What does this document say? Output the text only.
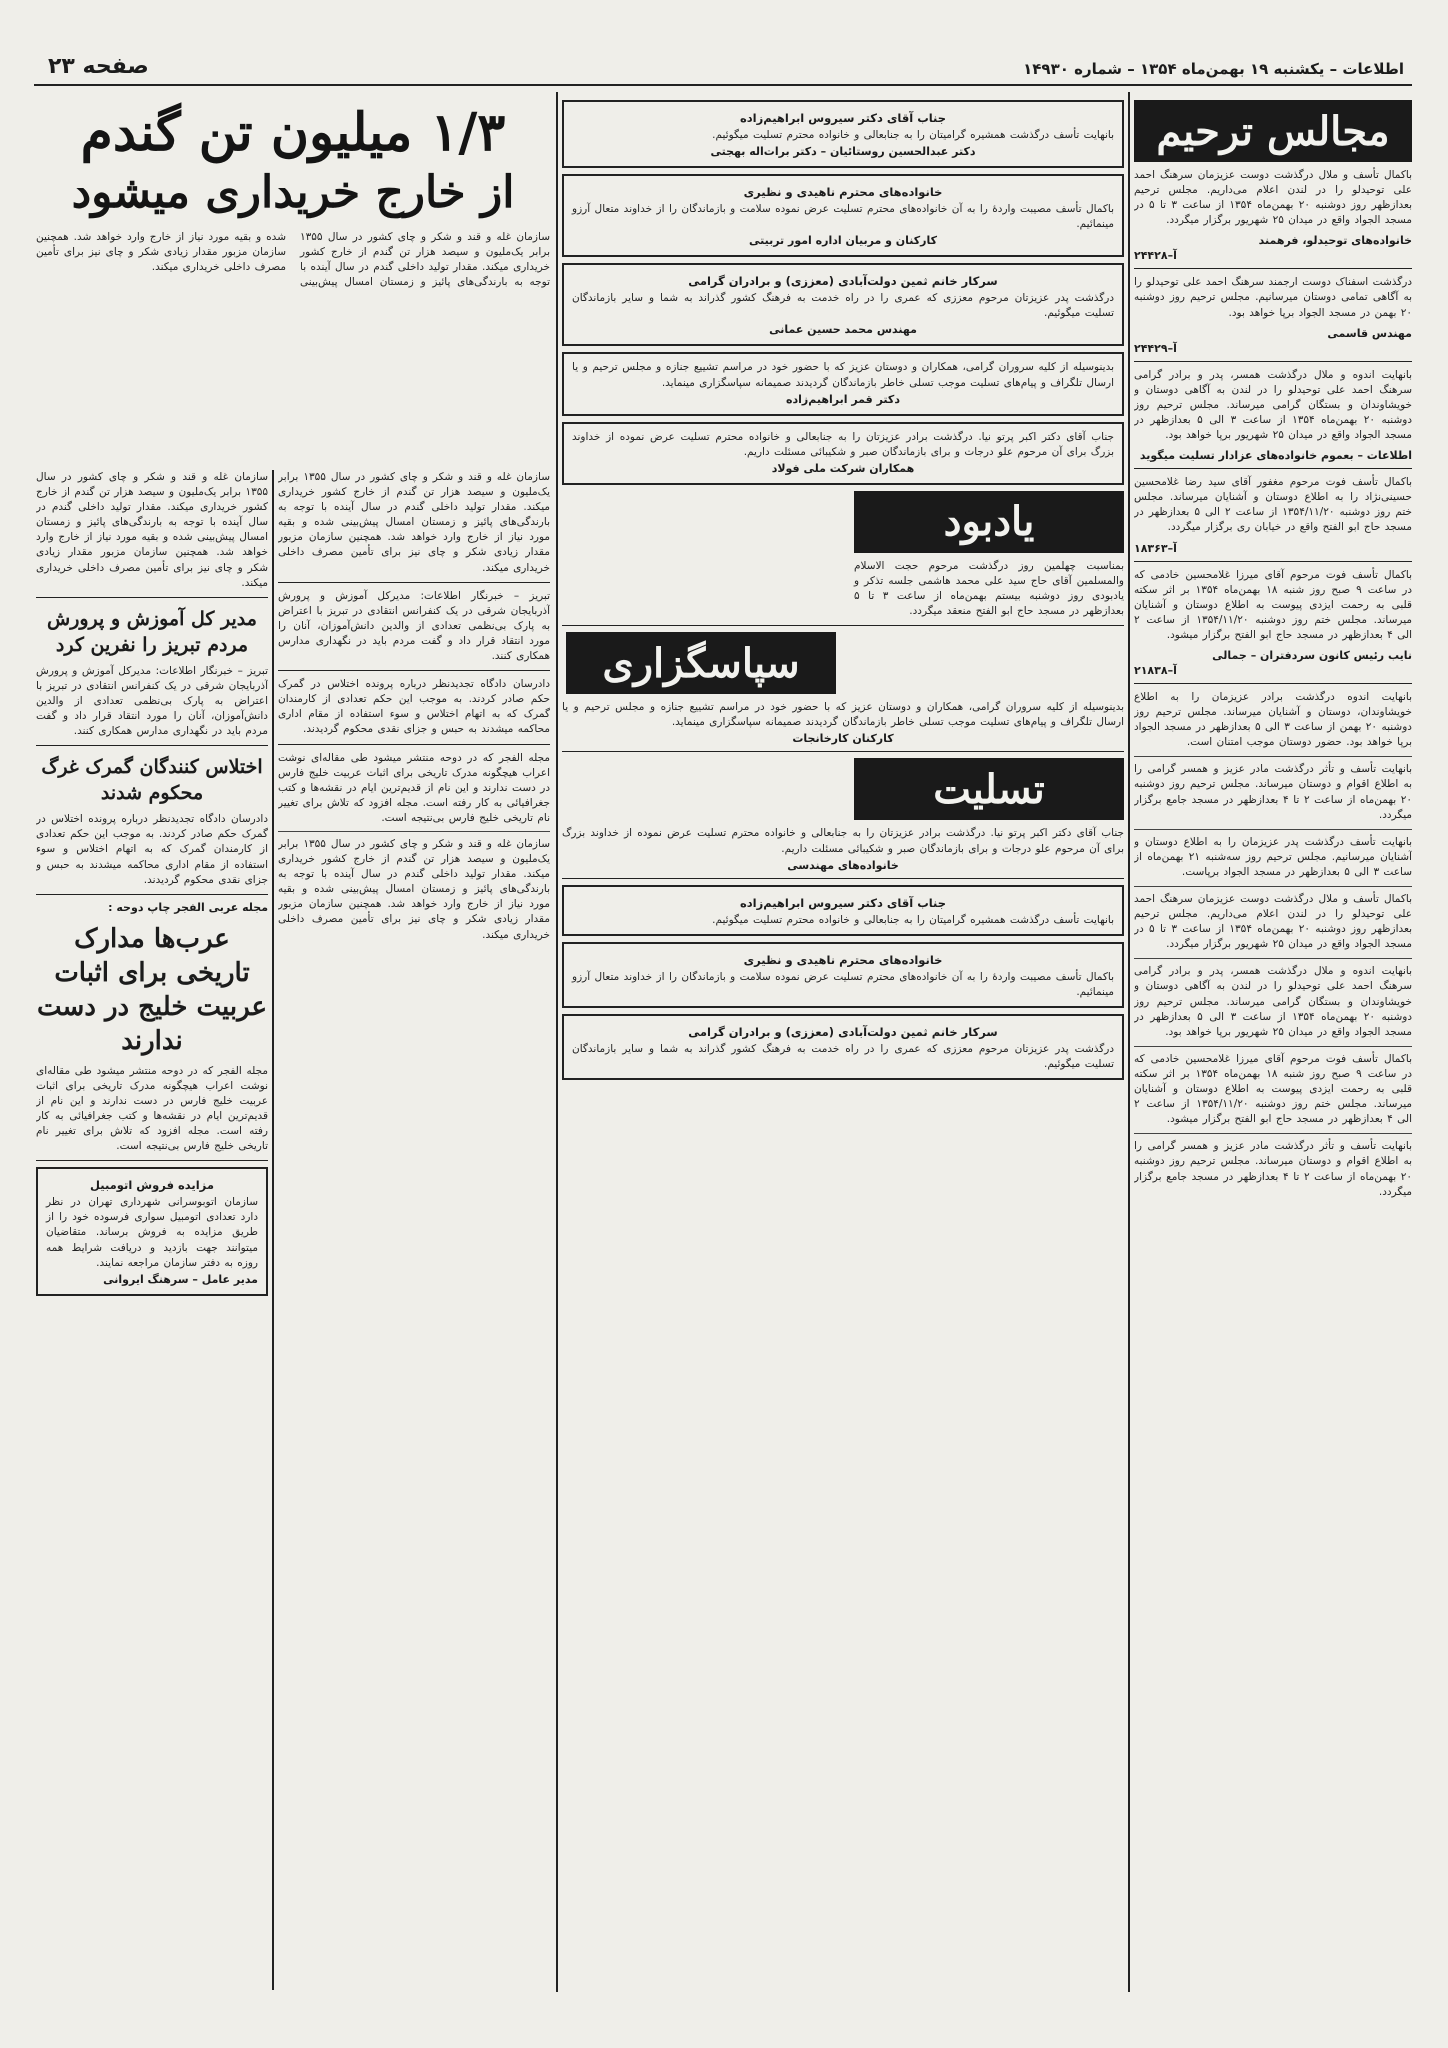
اطلاعات – یکشنبه ۱۹ بهمن‌ماه ۱۳۵۴ – شماره ۱۴۹۳۰
صفحه ۲۳
مجالس ترحیم
باکمال تأسف و ملال درگذشت دوست عزیزمان سرهنگ احمد علی توحیدلو را در لندن اعلام می‌داریم. مجلس ترحیم بعدازظهر روز دوشنبه ۲۰ بهمن‌ماه ۱۳۵۴ از ساعت ۳ تا ۵ در مسجد الجواد واقع در میدان ۲۵ شهریور برگزار میگردد.
خانواده‌های توحیدلو، فرهمند
آ–۲۴۴۲۸
درگذشت اسفناک دوست ارجمند سرهنگ احمد علی توحیدلو را به آگاهی تمامی دوستان میرسانیم. مجلس ترحیم روز دوشنبه ۲۰ بهمن در مسجد الجواد برپا خواهد بود.
مهندس قاسمی
آ–۲۴۴۲۹
بانهایت اندوه و ملال درگذشت همسر، پدر و برادر گرامی سرهنگ احمد علی توحیدلو را در لندن به آگاهی دوستان و خویشاوندان و بستگان گرامی میرساند. مجلس ترحیم روز دوشنبه ۲۰ بهمن‌ماه ۱۳۵۴ از ساعت ۳ الی ۵ بعدازظهر در مسجد الجواد واقع در میدان ۲۵ شهریور برپا خواهد بود.
اطلاعات – بعموم خانواده‌های عزادار تسلیت میگوید
باکمال تأسف فوت مرحوم مغفور آقای سید رضا غلامحسین حسینی‌نژاد را به اطلاع دوستان و آشنایان میرساند. مجلس ختم روز دوشنبه ۱۳۵۴/۱۱/۲۰ از ساعت ۲ الی ۵ بعدازظهر در مسجد حاج ابو الفتح واقع در خیابان ری برگزار میگردد.
آ–۱۸۳۶۳
باکمال تأسف فوت مرحوم آقای میرزا غلامحسین خادمی که در ساعت ۹ صبح روز شنبه ۱۸ بهمن‌ماه ۱۳۵۴ بر اثر سکته قلبی به رحمت ایزدی پیوست به اطلاع دوستان و آشنایان میرساند. مجلس ختم روز دوشنبه ۱۳۵۴/۱۱/۲۰ از ساعت ۲ الی ۴ بعدازظهر در مسجد حاج ابو الفتح برگزار میشود.
نایب رئیس کانون سردفتران – جمالی
آ–۲۱۸۳۸
بانهایت اندوه درگذشت برادر عزیزمان را به اطلاع خویشاوندان، دوستان و آشنایان میرساند. مجلس ترحیم روز دوشنبه ۲۰ بهمن از ساعت ۳ الی ۵ بعدازظهر در مسجد الجواد برپا خواهد بود. حضور دوستان موجب امتنان است.
بانهایت تأسف و تأثر درگذشت مادر عزیز و همسر گرامی را به اطلاع اقوام و دوستان میرساند. مجلس ترحیم روز دوشنبه ۲۰ بهمن‌ماه از ساعت ۲ تا ۴ بعدازظهر در مسجد جامع برگزار میگردد.
بانهایت تأسف درگذشت پدر عزیزمان را به اطلاع دوستان و آشنایان میرسانیم. مجلس ترحیم روز سه‌شنبه ۲۱ بهمن‌ماه از ساعت ۳ الی ۵ بعدازظهر در مسجد الجواد برپاست.
باکمال تأسف و ملال درگذشت دوست عزیزمان سرهنگ احمد علی توحیدلو را در لندن اعلام می‌داریم. مجلس ترحیم بعدازظهر روز دوشنبه ۲۰ بهمن‌ماه ۱۳۵۴ از ساعت ۳ تا ۵ در مسجد الجواد واقع در میدان ۲۵ شهریور برگزار میگردد.
بانهایت اندوه و ملال درگذشت همسر، پدر و برادر گرامی سرهنگ احمد علی توحیدلو را در لندن به آگاهی دوستان و خویشاوندان و بستگان گرامی میرساند. مجلس ترحیم روز دوشنبه ۲۰ بهمن‌ماه ۱۳۵۴ از ساعت ۳ الی ۵ بعدازظهر در مسجد الجواد واقع در میدان ۲۵ شهریور برپا خواهد بود.
باکمال تأسف فوت مرحوم آقای میرزا غلامحسین خادمی که در ساعت ۹ صبح روز شنبه ۱۸ بهمن‌ماه ۱۳۵۴ بر اثر سکته قلبی به رحمت ایزدی پیوست به اطلاع دوستان و آشنایان میرساند. مجلس ختم روز دوشنبه ۱۳۵۴/۱۱/۲۰ از ساعت ۲ الی ۴ بعدازظهر در مسجد حاج ابو الفتح برگزار میشود.
بانهایت تأسف و تأثر درگذشت مادر عزیز و همسر گرامی را به اطلاع اقوام و دوستان میرساند. مجلس ترحیم روز دوشنبه ۲۰ بهمن‌ماه از ساعت ۲ تا ۴ بعدازظهر در مسجد جامع برگزار میگردد.
جناب آقای دکتر سیروس ابراهیم‌زاده
بانهایت تأسف درگذشت همشیره گرامیتان را به جنابعالی و خانواده محترم تسلیت میگوئیم.
دکتر عبدالحسین روستائیان – دکتر برات‌اله بهجتی
خانواده‌های محترم ناهیدی و نظیری
باکمال تأسف مصیبت واردۀ را به آن خانواده‌های محترم تسلیت عرض نموده سلامت و بازماندگان را از خداوند متعال آرزو مینمائیم.
کارکنان و مربیان اداره امور تربیتی
سرکار خانم ثمین دولت‌آبادی (معززی) و برادران گرامی
درگذشت پدر عزیزتان مرحوم معززی که عمری را در راه خدمت به فرهنگ کشور گذراند به شما و سایر بازماندگان تسلیت میگوئیم.
مهندس محمد حسین عمانی
بدینوسیله از کلیه سروران گرامی، همکاران و دوستان عزیز که با حضور خود در مراسم تشییع جنازه و مجلس ترحیم و یا ارسال تلگراف و پیام‌های تسلیت موجب تسلی خاطر بازماندگان گردیدند صمیمانه سپاسگزاری مینماید.
دکتر قمر ابراهیم‌زاده
جناب آقای دکتر اکبر پرتو نیا. درگذشت برادر عزیزتان را به جنابعالی و خانواده محترم تسلیت عرض نموده از خداوند بزرگ برای آن مرحوم علو درجات و برای بازماندگان صبر و شکیبائی مسئلت داریم.
همکاران شرکت ملی فولاد
یادبود
بمناسبت چهلمین روز درگذشت مرحوم حجت الاسلام والمسلمین آقای حاج سید علی محمد هاشمی جلسه تذکر و یادبودی روز دوشنبه بیستم بهمن‌ماه از ساعت ۳ تا ۵ بعدازظهر در مسجد حاج ابو الفتح منعقد میگردد.
سپاسگزاری
بدینوسیله از کلیه سروران گرامی، همکاران و دوستان عزیز که با حضور خود در مراسم تشییع جنازه و مجلس ترحیم و یا ارسال تلگراف و پیام‌های تسلیت موجب تسلی خاطر بازماندگان گردیدند صمیمانه سپاسگزاری مینماید.
کارکنان کارخانجات
تسلیت
جناب آقای دکتر اکبر پرتو نیا. درگذشت برادر عزیزتان را به جنابعالی و خانواده محترم تسلیت عرض نموده از خداوند بزرگ برای آن مرحوم علو درجات و برای بازماندگان صبر و شکیبائی مسئلت داریم.
خانواده‌های مهندسی
جناب آقای دکتر سیروس ابراهیم‌زاده
بانهایت تأسف درگذشت همشیره گرامیتان را به جنابعالی و خانواده محترم تسلیت میگوئیم.
خانواده‌های محترم ناهیدی و نظیری
باکمال تأسف مصیبت واردۀ را به آن خانواده‌های محترم تسلیت عرض نموده سلامت و بازماندگان را از خداوند متعال آرزو مینمائیم.
سرکار خانم ثمین دولت‌آبادی (معززی) و برادران گرامی
درگذشت پدر عزیزتان مرحوم معززی که عمری را در راه خدمت به فرهنگ کشور گذراند به شما و سایر بازماندگان تسلیت میگوئیم.
۱/۳ میلیون تن گندم
از خارج خریداری میشود
سازمان غله و قند و شکر و چای کشور در سال ۱۳۵۵ برابر یک‌ملیون و سیصد هزار تن گندم از خارج کشور خریداری میکند. مقدار تولید داخلی گندم در سال آینده با توجه به بارندگی‌های پائیز و زمستان امسال پیش‌بینی شده و بقیه مورد نیاز از خارج وارد خواهد شد. همچنین سازمان مزبور مقدار زیادی شکر و چای نیز برای تأمین مصرف داخلی خریداری میکند.
سازمان غله و قند و شکر و چای کشور در سال ۱۳۵۵ برابر یک‌ملیون و سیصد هزار تن گندم از خارج کشور خریداری میکند. مقدار تولید داخلی گندم در سال آینده با توجه به بارندگی‌های پائیز و زمستان امسال پیش‌بینی شده و بقیه مورد نیاز از خارج وارد خواهد شد. همچنین سازمان مزبور مقدار زیادی شکر و چای نیز برای تأمین مصرف داخلی خریداری میکند.
تبریز – خبرنگار اطلاعات: مدیرکل آموزش و پرورش آذربایجان شرقی در یک کنفرانس انتقادی در تبریز با اعتراض به پارک بی‌نظمی تعدادی از والدین دانش‌آموزان، آنان را مورد انتقاد قرار داد و گفت مردم باید در نگهداری مدارس همکاری کنند.
دادرسان دادگاه تجدیدنظر درباره پرونده اختلاس در گمرک حکم صادر کردند. به موجب این حکم تعدادی از کارمندان گمرک که به اتهام اختلاس و سوء استفاده از مقام اداری محاکمه میشدند به حبس و جزای نقدی محکوم گردیدند.
مجله الفجر که در دوحه منتشر میشود طی مقاله‌ای نوشت اعراب هیچگونه مدرک تاریخی برای اثبات عربیت خلیج فارس در دست ندارند و این نام از قدیم‌ترین ایام در نقشه‌ها و کتب جغرافیائی به کار رفته است. مجله افزود که تلاش برای تغییر نام تاریخی خلیج فارس بی‌نتیجه است.
سازمان غله و قند و شکر و چای کشور در سال ۱۳۵۵ برابر یک‌ملیون و سیصد هزار تن گندم از خارج کشور خریداری میکند. مقدار تولید داخلی گندم در سال آینده با توجه به بارندگی‌های پائیز و زمستان امسال پیش‌بینی شده و بقیه مورد نیاز از خارج وارد خواهد شد. همچنین سازمان مزبور مقدار زیادی شکر و چای نیز برای تأمین مصرف داخلی خریداری میکند.
سازمان غله و قند و شکر و چای کشور در سال ۱۳۵۵ برابر یک‌ملیون و سیصد هزار تن گندم از خارج کشور خریداری میکند. مقدار تولید داخلی گندم در سال آینده با توجه به بارندگی‌های پائیز و زمستان امسال پیش‌بینی شده و بقیه مورد نیاز از خارج وارد خواهد شد. همچنین سازمان مزبور مقدار زیادی شکر و چای نیز برای تأمین مصرف داخلی خریداری میکند.
مدیر کل آموزش و پرورش مردم تبریز را نفرین کرد
تبریز – خبرنگار اطلاعات: مدیرکل آموزش و پرورش آذربایجان شرقی در یک کنفرانس انتقادی در تبریز با اعتراض به پارک بی‌نظمی تعدادی از والدین دانش‌آموزان، آنان را مورد انتقاد قرار داد و گفت مردم باید در نگهداری مدارس همکاری کنند.
اختلاس کنندگان گمرک غرگ محکوم شدند
دادرسان دادگاه تجدیدنظر درباره پرونده اختلاس در گمرک حکم صادر کردند. به موجب این حکم تعدادی از کارمندان گمرک که به اتهام اختلاس و سوء استفاده از مقام اداری محاکمه میشدند به حبس و جزای نقدی محکوم گردیدند.
مجله عربی الفجر چاپ دوحه :
عرب‌ها مدارک تاریخی برای اثبات عربیت خلیج در دست ندارند
مجله الفجر که در دوحه منتشر میشود طی مقاله‌ای نوشت اعراب هیچگونه مدرک تاریخی برای اثبات عربیت خلیج فارس در دست ندارند و این نام از قدیم‌ترین ایام در نقشه‌ها و کتب جغرافیائی به کار رفته است. مجله افزود که تلاش برای تغییر نام تاریخی خلیج فارس بی‌نتیجه است.
مزایده فروش اتومبیل
سازمان اتوبوسرانی شهرداری تهران در نظر دارد تعدادی اتومبیل سواری فرسوده خود را از طریق مزایده به فروش برساند. متقاضیان میتوانند جهت بازدید و دریافت شرایط همه روزه به دفتر سازمان مراجعه نمایند.
مدیر عامل – سرهنگ ایروانی
